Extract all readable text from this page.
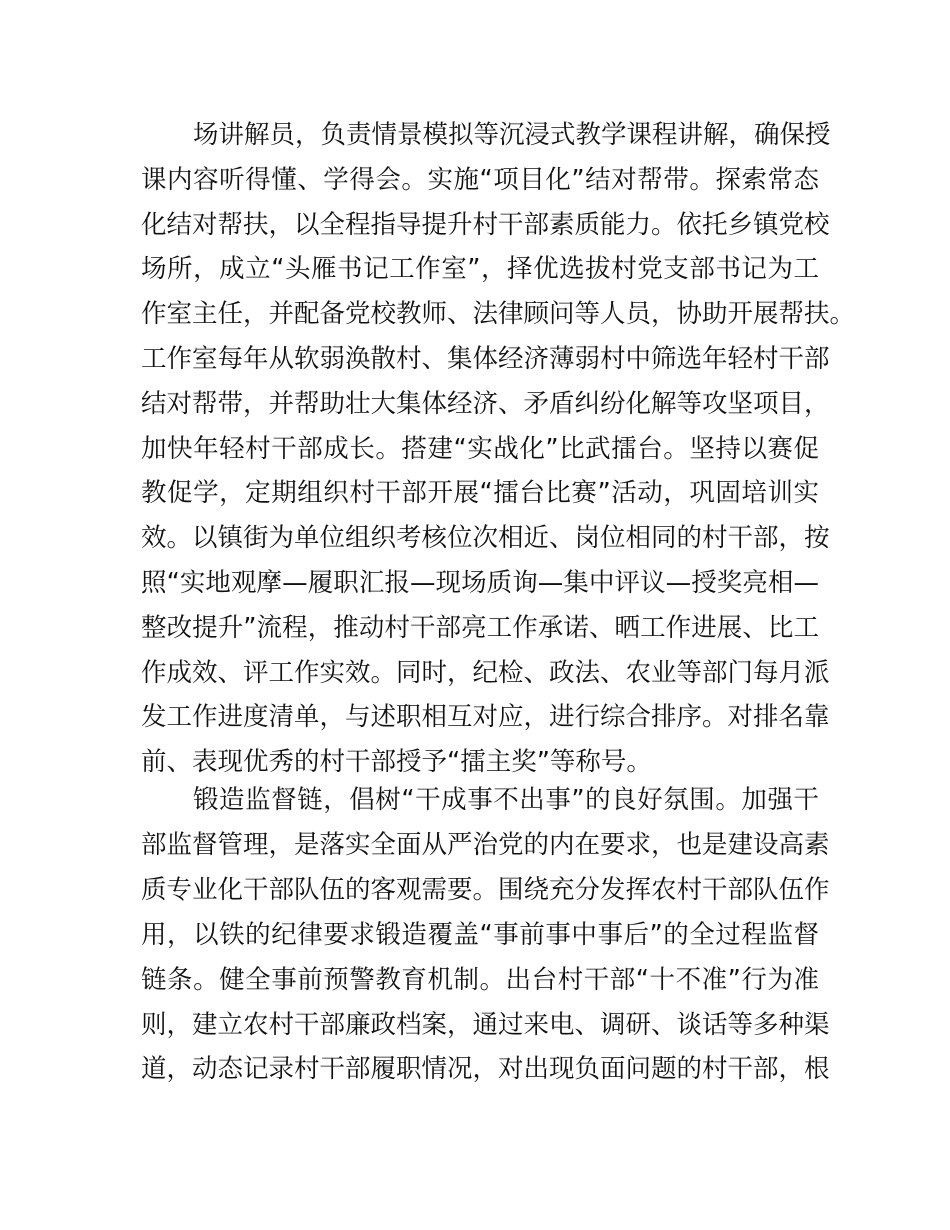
场讲解员，负责情景模拟等沉浸式教学课程讲解，确保授
课内容听得懂、学得会。实施“项目化”结对帮带。探索常态
化结对帮扶，以全程指导提升村干部素质能力。依托乡镇党校
场所，成立“头雁书记工作室”，择优选拔村党支部书记为工
作室主任，并配备党校教师、法律顾问等人员，协助开展帮扶。
工作室每年从软弱涣散村、集体经济薄弱村中筛选年轻村干部
结对帮带，并帮助壮大集体经济、矛盾纠纷化解等攻坚项目，
加快年轻村干部成长。搭建“实战化”比武擂台。坚持以赛促
教促学，定期组织村干部开展“擂台比赛”活动，巩固培训实
效。以镇街为单位组织考核位次相近、岗位相同的村干部，按
照“实地观摩—履职汇报—现场质询—集中评议—授奖亮相—
整改提升”流程，推动村干部亮工作承诺、晒工作进展、比工
作成效、评工作实效。同时，纪检、政法、农业等部门每月派
发工作进度清单，与述职相互对应，进行综合排序。对排名靠
前、表现优秀的村干部授予“擂主奖”等称号。
锻造监督链，倡树“干成事不出事”的良好氛围。加强干
部监督管理，是落实全面从严治党的内在要求，也是建设高素
质专业化干部队伍的客观需要。围绕充分发挥农村干部队伍作
用，以铁的纪律要求锻造覆盖“事前事中事后”的全过程监督
链条。健全事前预警教育机制。出台村干部“十不准”行为准
则，建立农村干部廉政档案，通过来电、调研、谈话等多种渠
道，动态记录村干部履职情况，对出现负面问题的村干部，根
